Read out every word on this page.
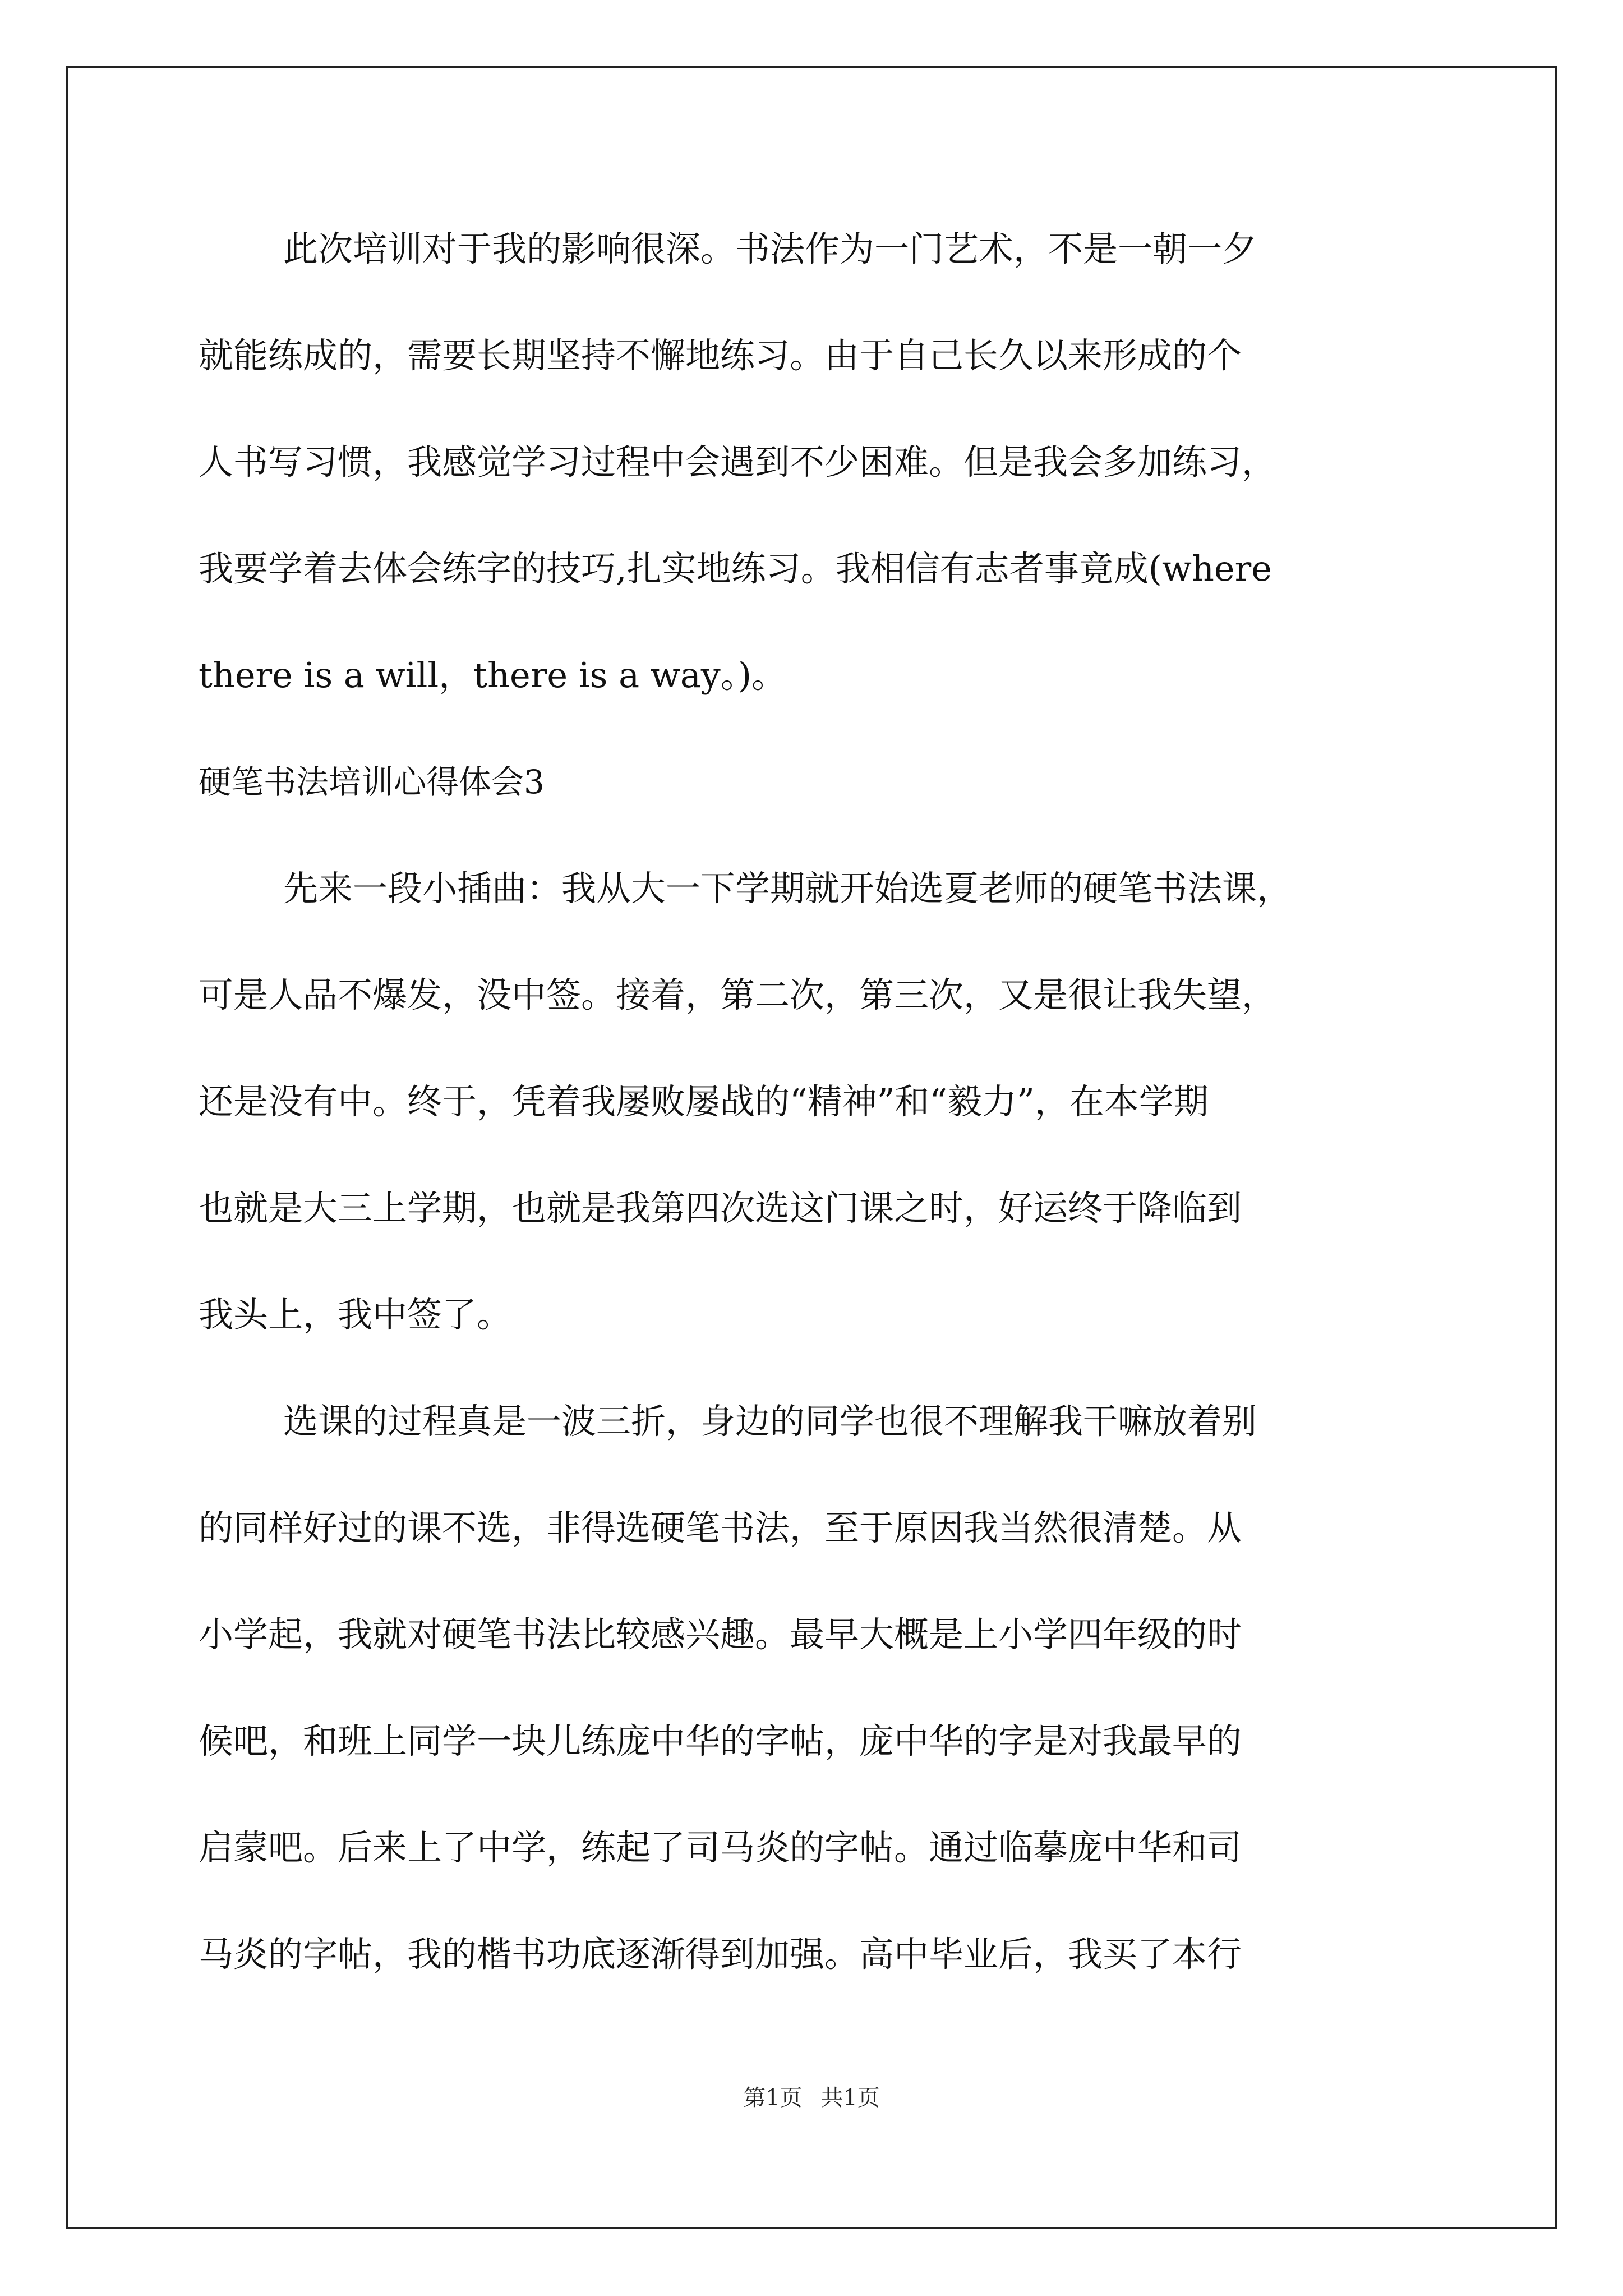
此次培训对于我的影响很深。书法作为一门艺术，不是一朝一夕
就能练成的，需要长期坚持不懈地练习。由于自己长久以来形成的个
人书写习惯，我感觉学习过程中会遇到不少困难。但是我会多加练习，
我要学着去体会练字的技巧,扎实地练习。我相信有志者事竟成(where
there is a will，there is a way。)。
硬笔书法培训心得体会3
先来一段小插曲：我从大一下学期就开始选夏老师的硬笔书法课，
可是人品不爆发，没中签。接着，第二次，第三次，又是很让我失望，
还是没有中。终于，凭着我屡败屡战的“精神”和“毅力”，在本学期
也就是大三上学期，也就是我第四次选这门课之时，好运终于降临到
我头上，我中签了。
选课的过程真是一波三折，身边的同学也很不理解我干嘛放着别
的同样好过的课不选，非得选硬笔书法，至于原因我当然很清楚。从
小学起，我就对硬笔书法比较感兴趣。最早大概是上小学四年级的时
候吧，和班上同学一块儿练庞中华的字帖，庞中华的字是对我最早的
启蒙吧。后来上了中学，练起了司马炎的字帖。通过临摹庞中华和司
马炎的字帖，我的楷书功底逐渐得到加强。高中毕业后，我买了本行
第1页 共1页
